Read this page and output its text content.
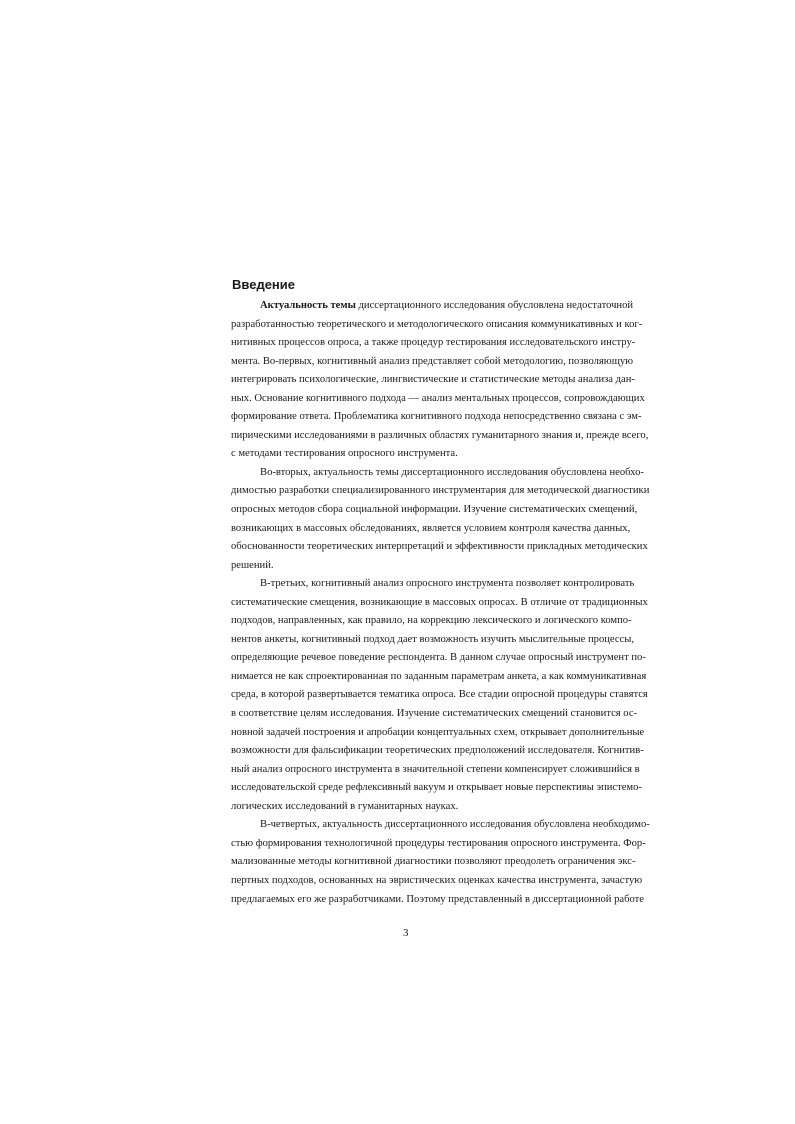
Введение
Актуальность темы диссертационного исследования обусловлена недостаточной
разработанностью теоретического и методологического описания коммуникативных и ког-
нитивных процессов опроса, а также процедур тестирования исследовательского инстру-
мента. Во-первых, когнитивный анализ представляет собой методологию, позволяющую
интегрировать психологические, лингвистические и статистические методы анализа дан-
ных. Основание когнитивного подхода — анализ ментальных процессов, сопровождающих
формирование ответа. Проблематика когнитивного подхода непосредственно связана с эм-
пирическими исследованиями в различных областях гуманитарного знания и, прежде всего,
с методами тестирования опросного инструмента.
Во-вторых, актуальность темы диссертационного исследования обусловлена необхо-
димостью разработки специализированного инструментария для методической диагностики
опросных методов сбора социальной информации. Изучение систематических смещений,
возникающих в массовых обследованиях, является условием контроля качества данных,
обоснованности теоретических интерпретаций и эффективности прикладных методических
решений.
В-третьих, когнитивный анализ опросного инструмента позволяет контролировать
систематические смещения, возникающие в массовых опросах. В отличие от традиционных
подходов, направленных, как правило, на коррекцию лексического и логического компо-
нентов анкеты, когнитивный подход дает возможность изучить мыслительные процессы,
определяющие речевое поведение респондента. В данном случае опросный инструмент по-
нимается не как спроектированная по заданным параметрам анкета, а как коммуникативная
среда, в которой развертывается тематика опроса. Все стадии опросной процедуры ставятся
в соответствие целям исследования. Изучение систематических смещений становится ос-
новной задачей построения и апробации концептуальных схем, открывает дополнительные
возможности для фальсификации теоретических предположений исследователя. Когнитив-
ный анализ опросного инструмента в значительной степени компенсирует сложившийся в
исследовательской среде рефлексивный вакуум и открывает новые перспективы эпистемо-
логических исследований в гуманитарных науках.
В-четвертых, актуальность диссертационного исследования обусловлена необходимо-
стью формирования технологичной процедуры тестирования опросного инструмента. Фор-
мализованные методы когнитивной диагностики позволяют преодолеть ограничения экс-
пертных подходов, основанных на эвристических оценках качества инструмента, зачастую
предлагаемых его же разработчиками. Поэтому представленный в диссертационной работе
3
